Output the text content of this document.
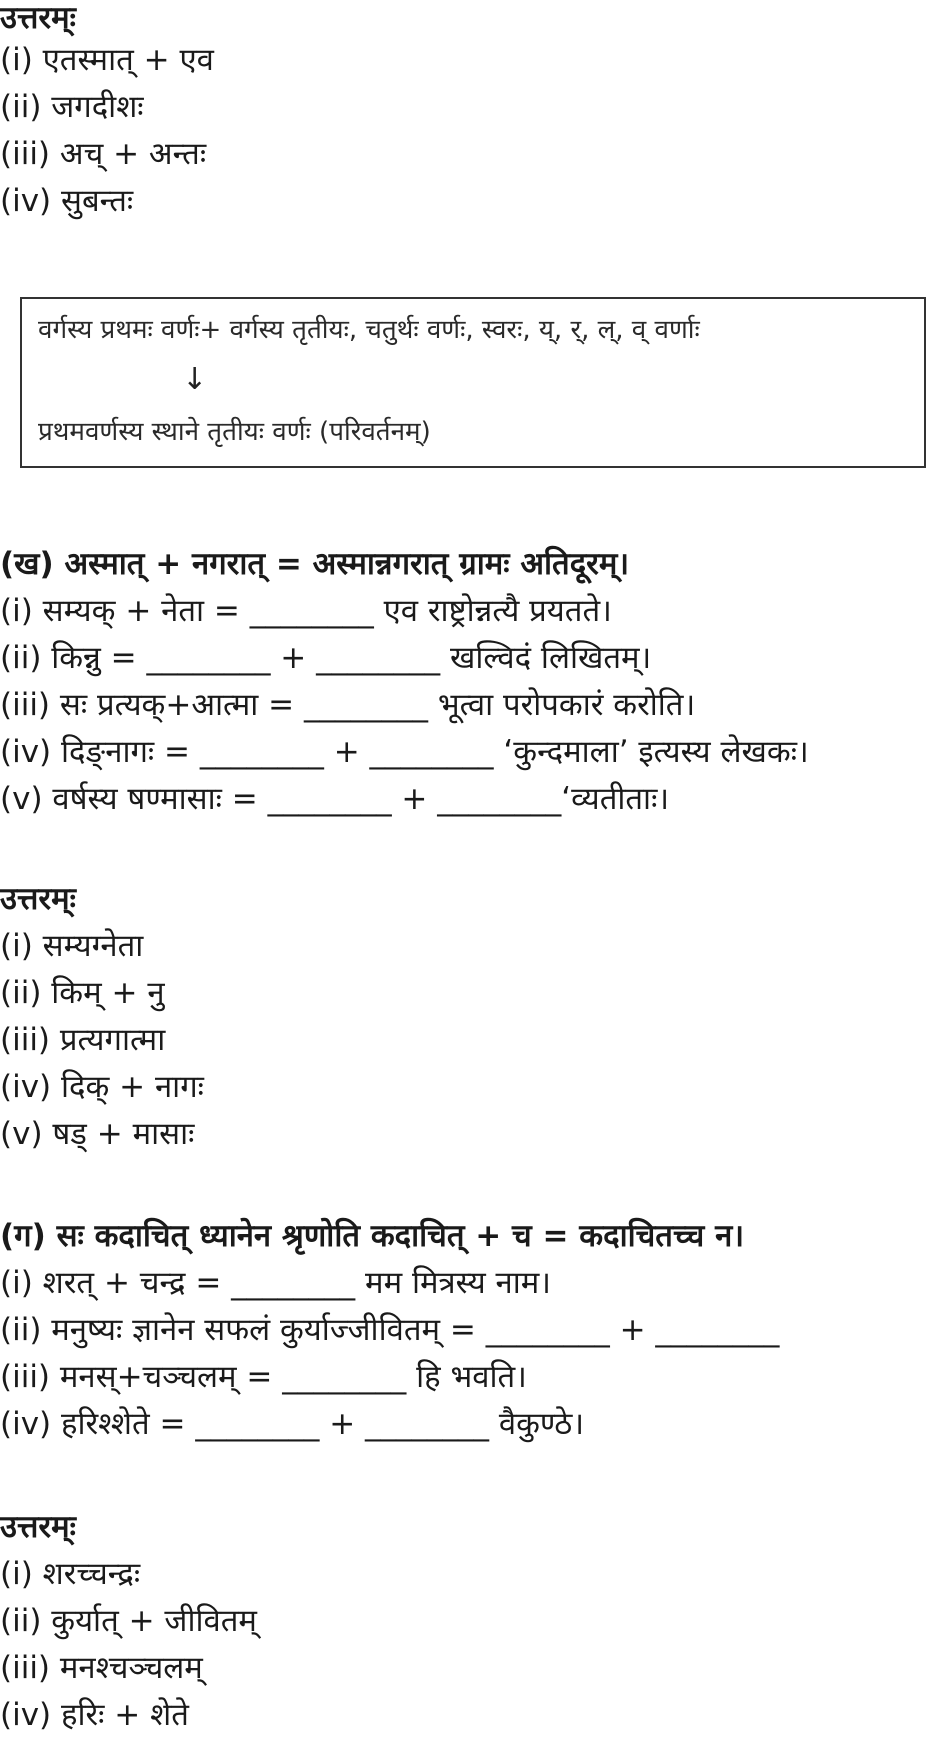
उत्तरम्ः
(i) एतस्मात् + एव
(ii) जगदीशः
(iii) अच् + अन्तः
(iv) सुबन्तः
वर्गस्य प्रथमः वर्णः+ वर्गस्य तृतीयः, चतुर्थः वर्णः, स्वरः, य्, र्, ल्, व् वर्णाः
↓
प्रथमवर्णस्य स्थाने तृतीयः वर्णः (परिवर्तनम्)
(ख) अस्मात् + नगरात् = अस्मान्नगरात् ग्रामः अतिदूरम्।
(i) सम्यक् + नेता = ________ एव राष्ट्रोन्नत्यै प्रयतते।
(ii) किन्नु = ________ + ________ खल्विदं लिखितम्।
(iii) सः प्रत्यक्+आत्मा = ________ भूत्वा परोपकारं करोति।
(iv) दिङ्नागः = ________ + ________ ‘कुन्दमाला’ इत्यस्य लेखकः।
(v) वर्षस्य षण्मासाः = ________ + ________‘व्यतीताः।
उत्तरम्ः
(i) सम्यग्नेता
(ii) किम् + नु
(iii) प्रत्यगात्मा
(iv) दिक् + नागः
(v) षड् + मासाः
(ग) सः कदाचित् ध्यानेन श्रृणोति कदाचित् + च = कदाचितच्च न।
(i) शरत् + चन्द्र = ________ मम मित्रस्य नाम।
(ii) मनुष्यः ज्ञानेन सफलं कुर्याज्जीवितम् = ________ + ________
(iii) मनस्+चञ्चलम् = ________ हि भवति।
(iv) हरिश्शेते = ________ + ________ वैकुण्ठे।
उत्तरम्ः
(i) शरच्चन्द्रः
(ii) कुर्यात् + जीवितम्
(iii) मनश्चञ्चलम्
(iv) हरिः + शेते
